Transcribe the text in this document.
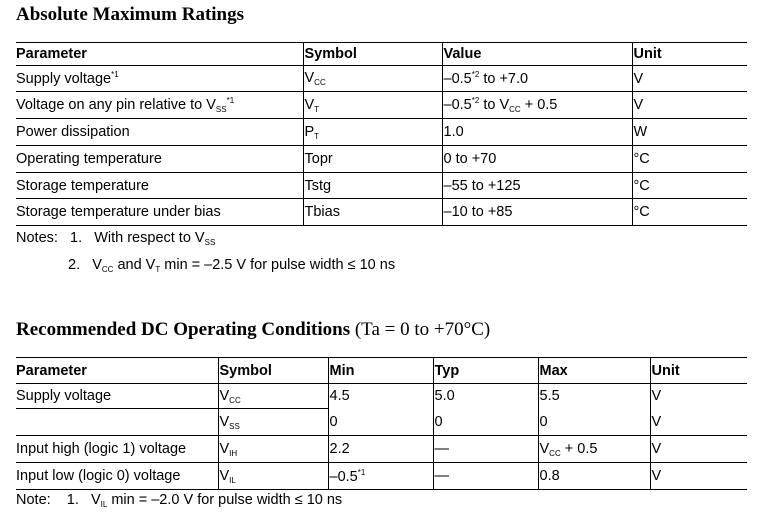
Absolute Maximum Ratings
Parameter	Symbol	Value	Unit
Supply voltage$^{*1}$	$V_{CC}$	–0.5$^{*2}$ to +7.0	V
Voltage on any pin relative to $V_{SS}^{*1}$	$V_T$	–0.5$^{*2}$ to $V_{CC} + 0.5$	V
Power dissipation	$P_T$	1.0	W
Operating temperature	Topr	0 to +70	°C
Storage temperature	Tstg	–55 to +125	°C
Storage temperature under bias	Tbias	–10 to +85	°C
Notes: 1. With respect to $V_{SS}$
2. $V_{CC}$ and $V_T$ min = –2.5 V for pulse width ≤ 10 ns
Recommended DC Operating Conditions (Ta = 0 to +70°C)
Parameter	Symbol	Min	Typ	Max	Unit
Supply voltage	$V_{CC}$	4.5	5.0	5.5	V
	$V_{SS}$	0	0	0	V
Input high (logic 1) voltage	$V_{IH}$	2.2	—	$V_{CC} + 0.5$	V
Input low (logic 0) voltage	$V_{IL}$	–0.5$^{*1}$	—	0.8	V
Note: 1. $V_{IL}$ min = –2.0 V for pulse width ≤ 10 ns
